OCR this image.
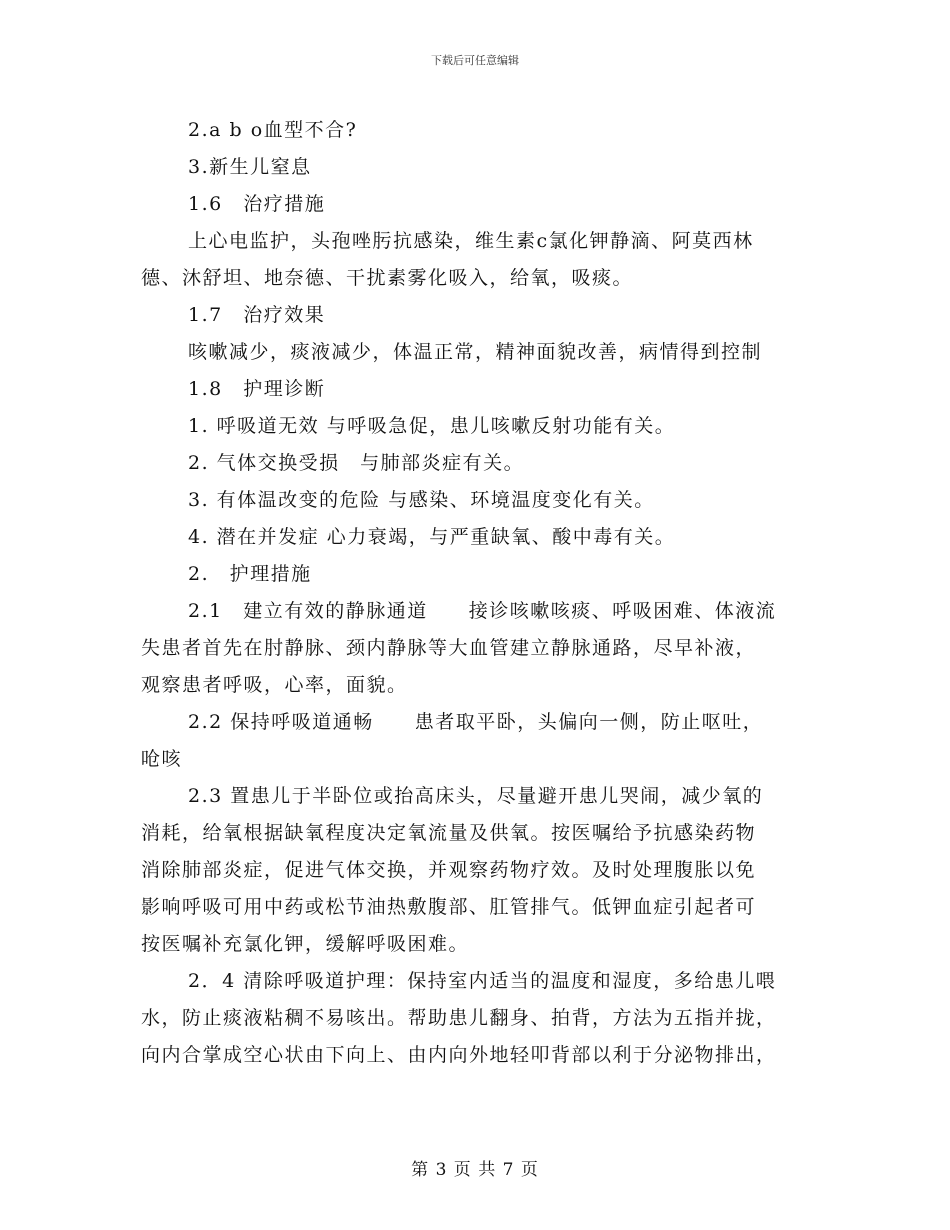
下载后可任意编辑

2.a b o血型不合?

3.新生儿窒息

1.6　治疗措施

上心电监护，头孢唑肟抗感染，维生素c氯化钾静滴、阿莫西林

德、沐舒坦、地奈德、干扰素雾化吸入，给氧，吸痰。

1.7　治疗效果

咳嗽减少，痰液减少，体温正常，精神面貌改善，病情得到控制

1.8　护理诊断

1. 呼吸道无效 与呼吸急促，患儿咳嗽反射功能有关。

2. 气体交换受损　与肺部炎症有关。

3. 有体温改变的危险 与感染、环境温度变化有关。

4. 潜在并发症 心力衰竭，与严重缺氧、酸中毒有关。

2.　护理措施

2.1　建立有效的静脉通道　　接诊咳嗽咳痰、呼吸困难、体液流

失患者首先在肘静脉、颈内静脉等大血管建立静脉通路，尽早补液，

观察患者呼吸，心率，面貌。

2.2 保持呼吸道通畅　　患者取平卧，头偏向一侧，防止呕吐，

呛咳

2.3 置患儿于半卧位或抬高床头，尽量避开患儿哭闹，减少氧的

消耗，给氧根据缺氧程度决定氧流量及供氧。按医嘱给予抗感染药物

消除肺部炎症，促进气体交换，并观察药物疗效。及时处理腹胀以免

影响呼吸可用中药或松节油热敷腹部、肛管排气。低钾血症引起者可

按医嘱补充氯化钾，缓解呼吸困难。

2．4 清除呼吸道护理：保持室内适当的温度和湿度，多给患儿喂

水，防止痰液粘稠不易咳出。帮助患儿翻身、拍背，方法为五指并拢，

向内合掌成空心状由下向上、由内向外地轻叩背部以利于分泌物排出，

第 3 页 共 7 页
